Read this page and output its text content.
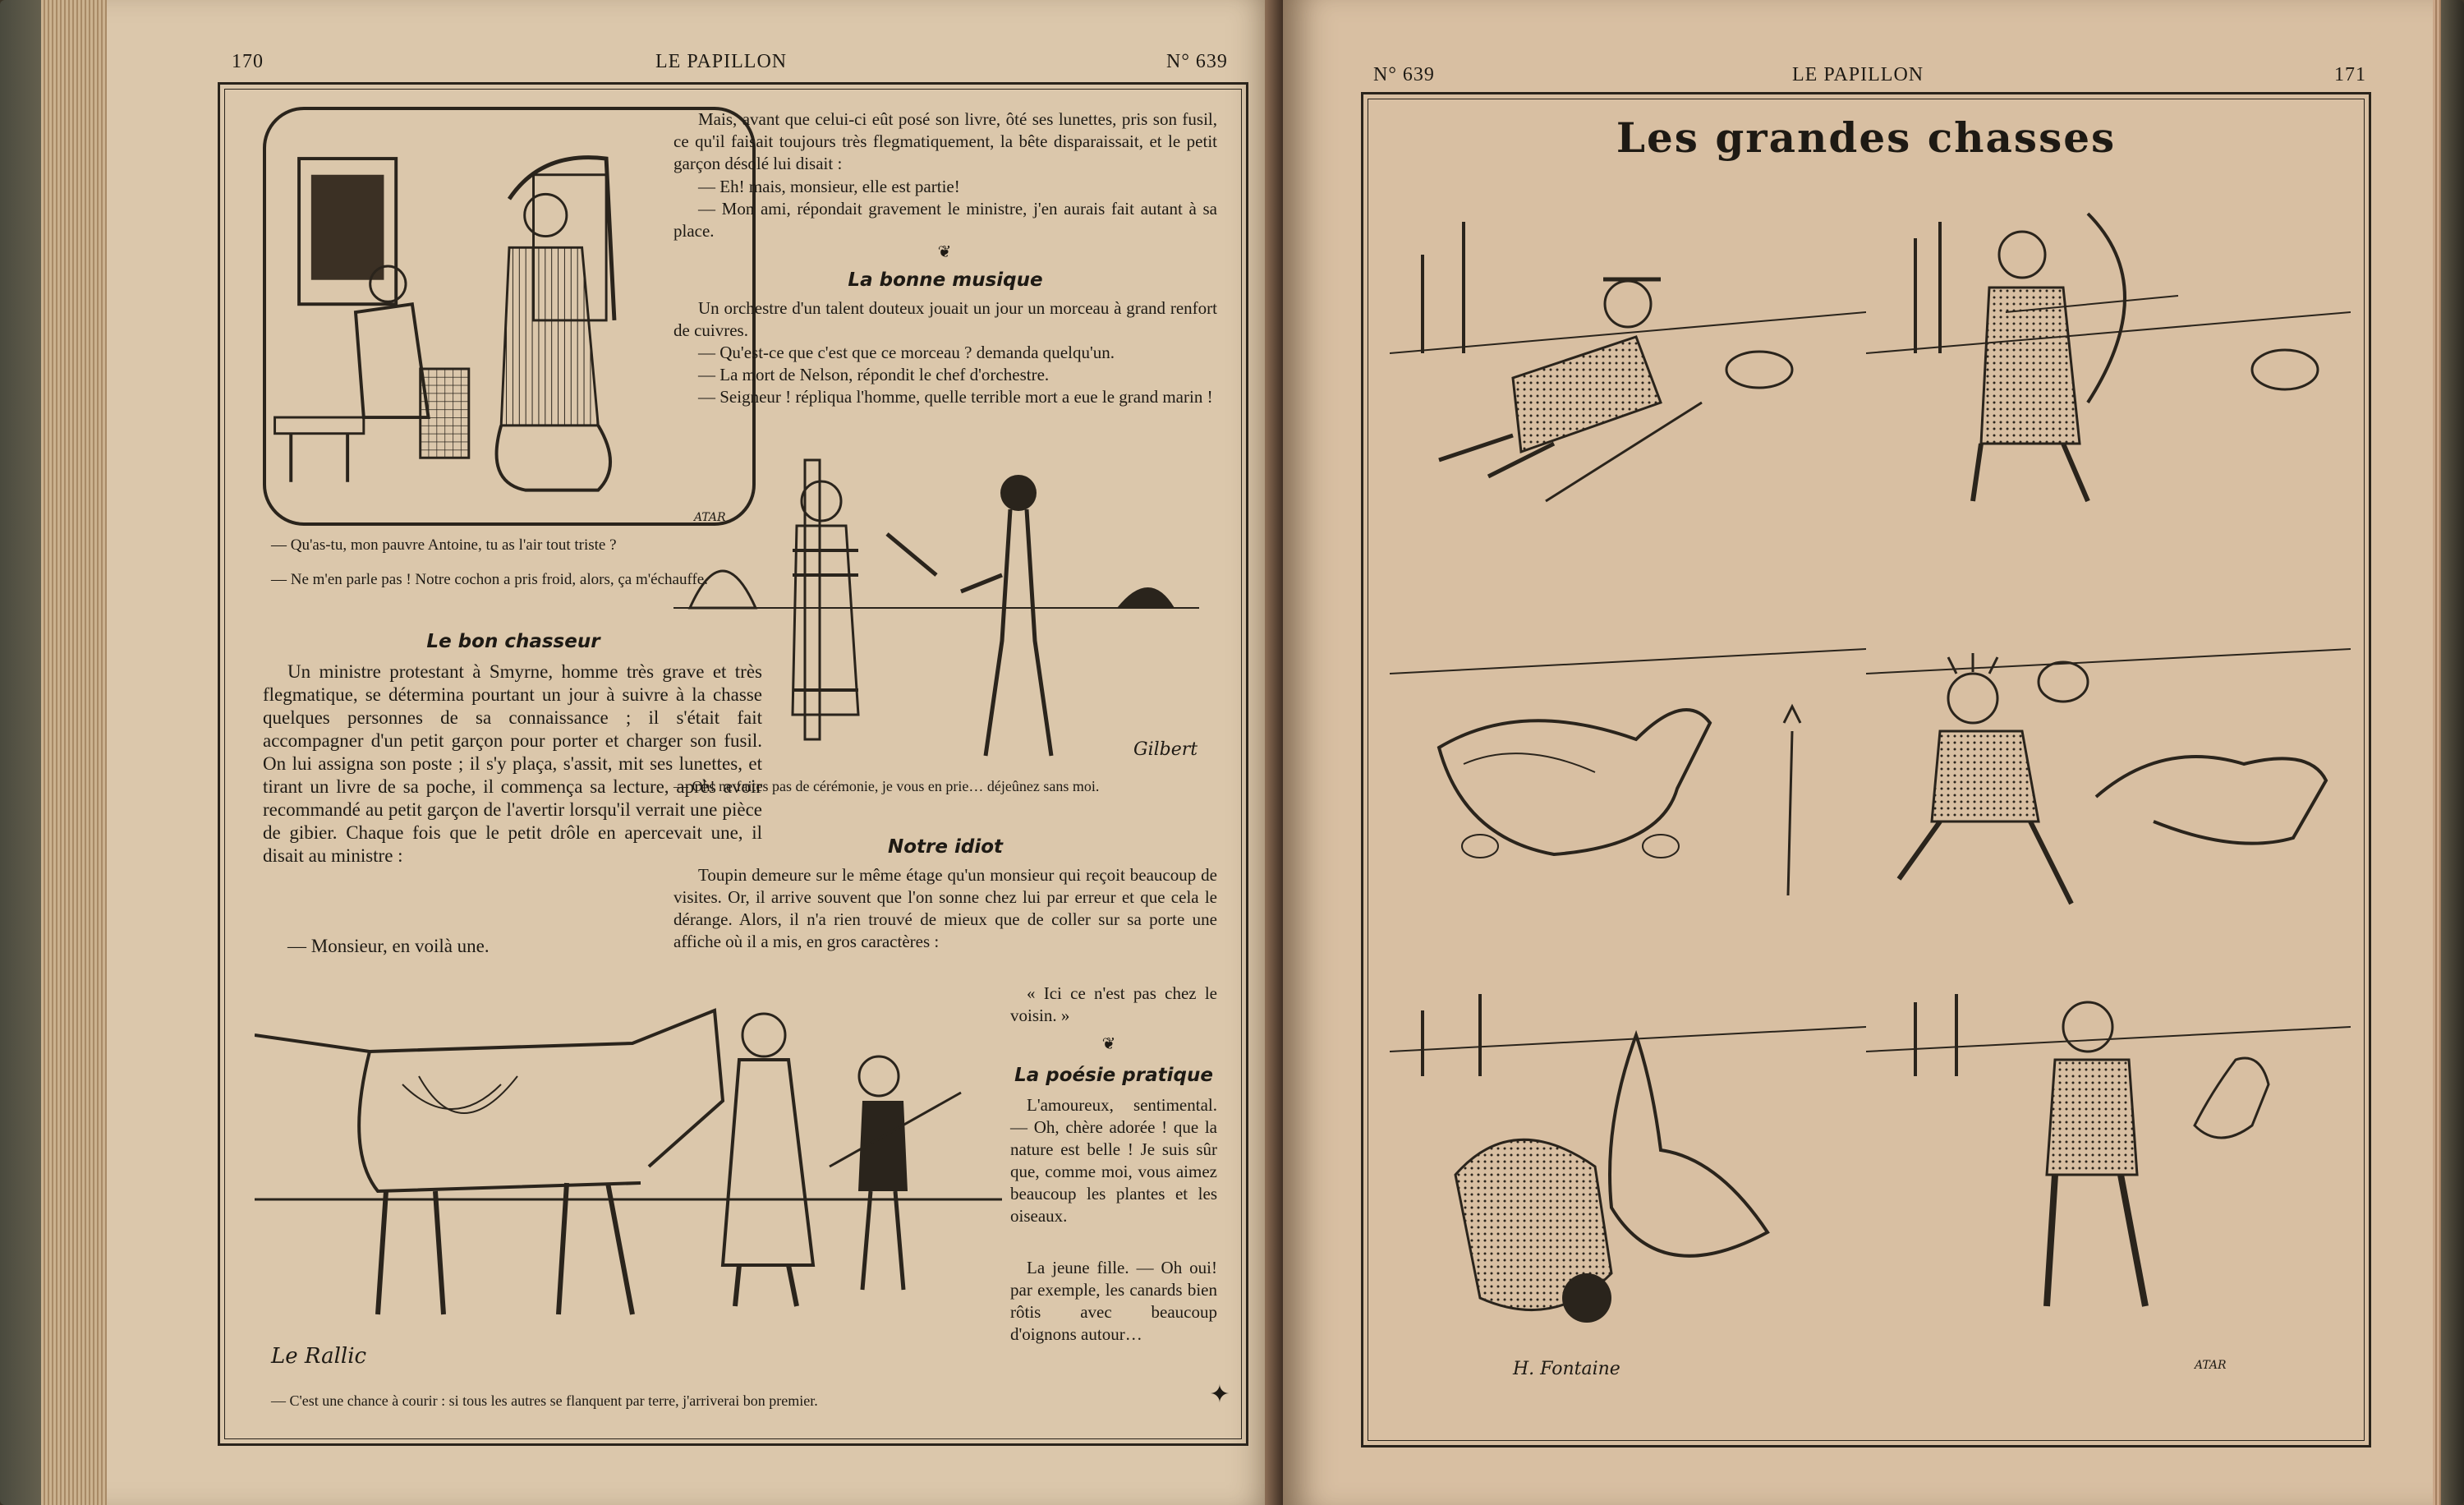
170	LE PAPILLON	N° 639
ATAR
— Qu'as-tu, mon pauvre Antoine, tu as l'air tout triste ?
— Ne m'en parle pas ! Notre cochon a pris froid, alors, ça m'échauffe.
Le bon chasseur
Un ministre protestant à Smyrne, homme très grave et très flegmatique, se détermina pourtant un jour à suivre à la chasse quelques personnes de sa connaissance ; il s'était fait accompagner d'un petit garçon pour porter et charger son fusil. On lui assigna son poste ; il s'y plaça, s'assit, mit ses lunettes, et tirant un livre de sa poche, il commença sa lecture, après avoir recommandé au petit garçon de l'avertir lorsqu'il verrait une pièce de gibier. Chaque fois que le petit drôle en apercevait une, il disait au ministre :
— Monsieur, en voilà une.
Mais, avant que celui-ci eût posé son livre, ôté ses lunettes, pris son fusil, ce qu'il faisait toujours très flegmatiquement, la bête disparaissait, et le petit garçon désolé lui disait :
— Eh! mais, monsieur, elle est partie!
— Mon ami, répondait gravement le ministre, j'en aurais fait autant à sa place.
❦
La bonne musique
Un orchestre d'un talent douteux jouait un jour un morceau à grand renfort de cuivres.
— Qu'est-ce que c'est que ce morceau ? demanda quelqu'un.
— La mort de Nelson, répondit le chef d'orchestre.
— Seigneur ! répliqua l'homme, quelle terrible mort a eue le grand marin !
Gilbert
— Oh! ne faites pas de cérémonie, je vous en prie… déjeûnez sans moi.
Notre idiot
Toupin demeure sur le même étage qu'un monsieur qui reçoit beaucoup de visites. Or, il arrive souvent que l'on sonne chez lui par erreur et que cela le dérange. Alors, il n'a rien trouvé de mieux que de coller sur sa porte une affiche où il a mis, en gros caractères :
« Ici ce n'est pas chez le voisin. »
❦
La poésie pratique
L'amoureux, sentimental. — Oh, chère adorée ! que la nature est belle ! Je suis sûr que, comme moi, vous aimez beaucoup les plantes et les oiseaux.
La jeune fille. — Oh oui! par exemple, les canards bien rôtis avec beaucoup d'oignons autour…
Le Rallic
— C'est une chance à courir : si tous les autres se flanquent par terre, j'arriverai bon premier.	✦
N° 639	LE PAPILLON	171
Les grandes chasses
H. Fontaine	ATAR
